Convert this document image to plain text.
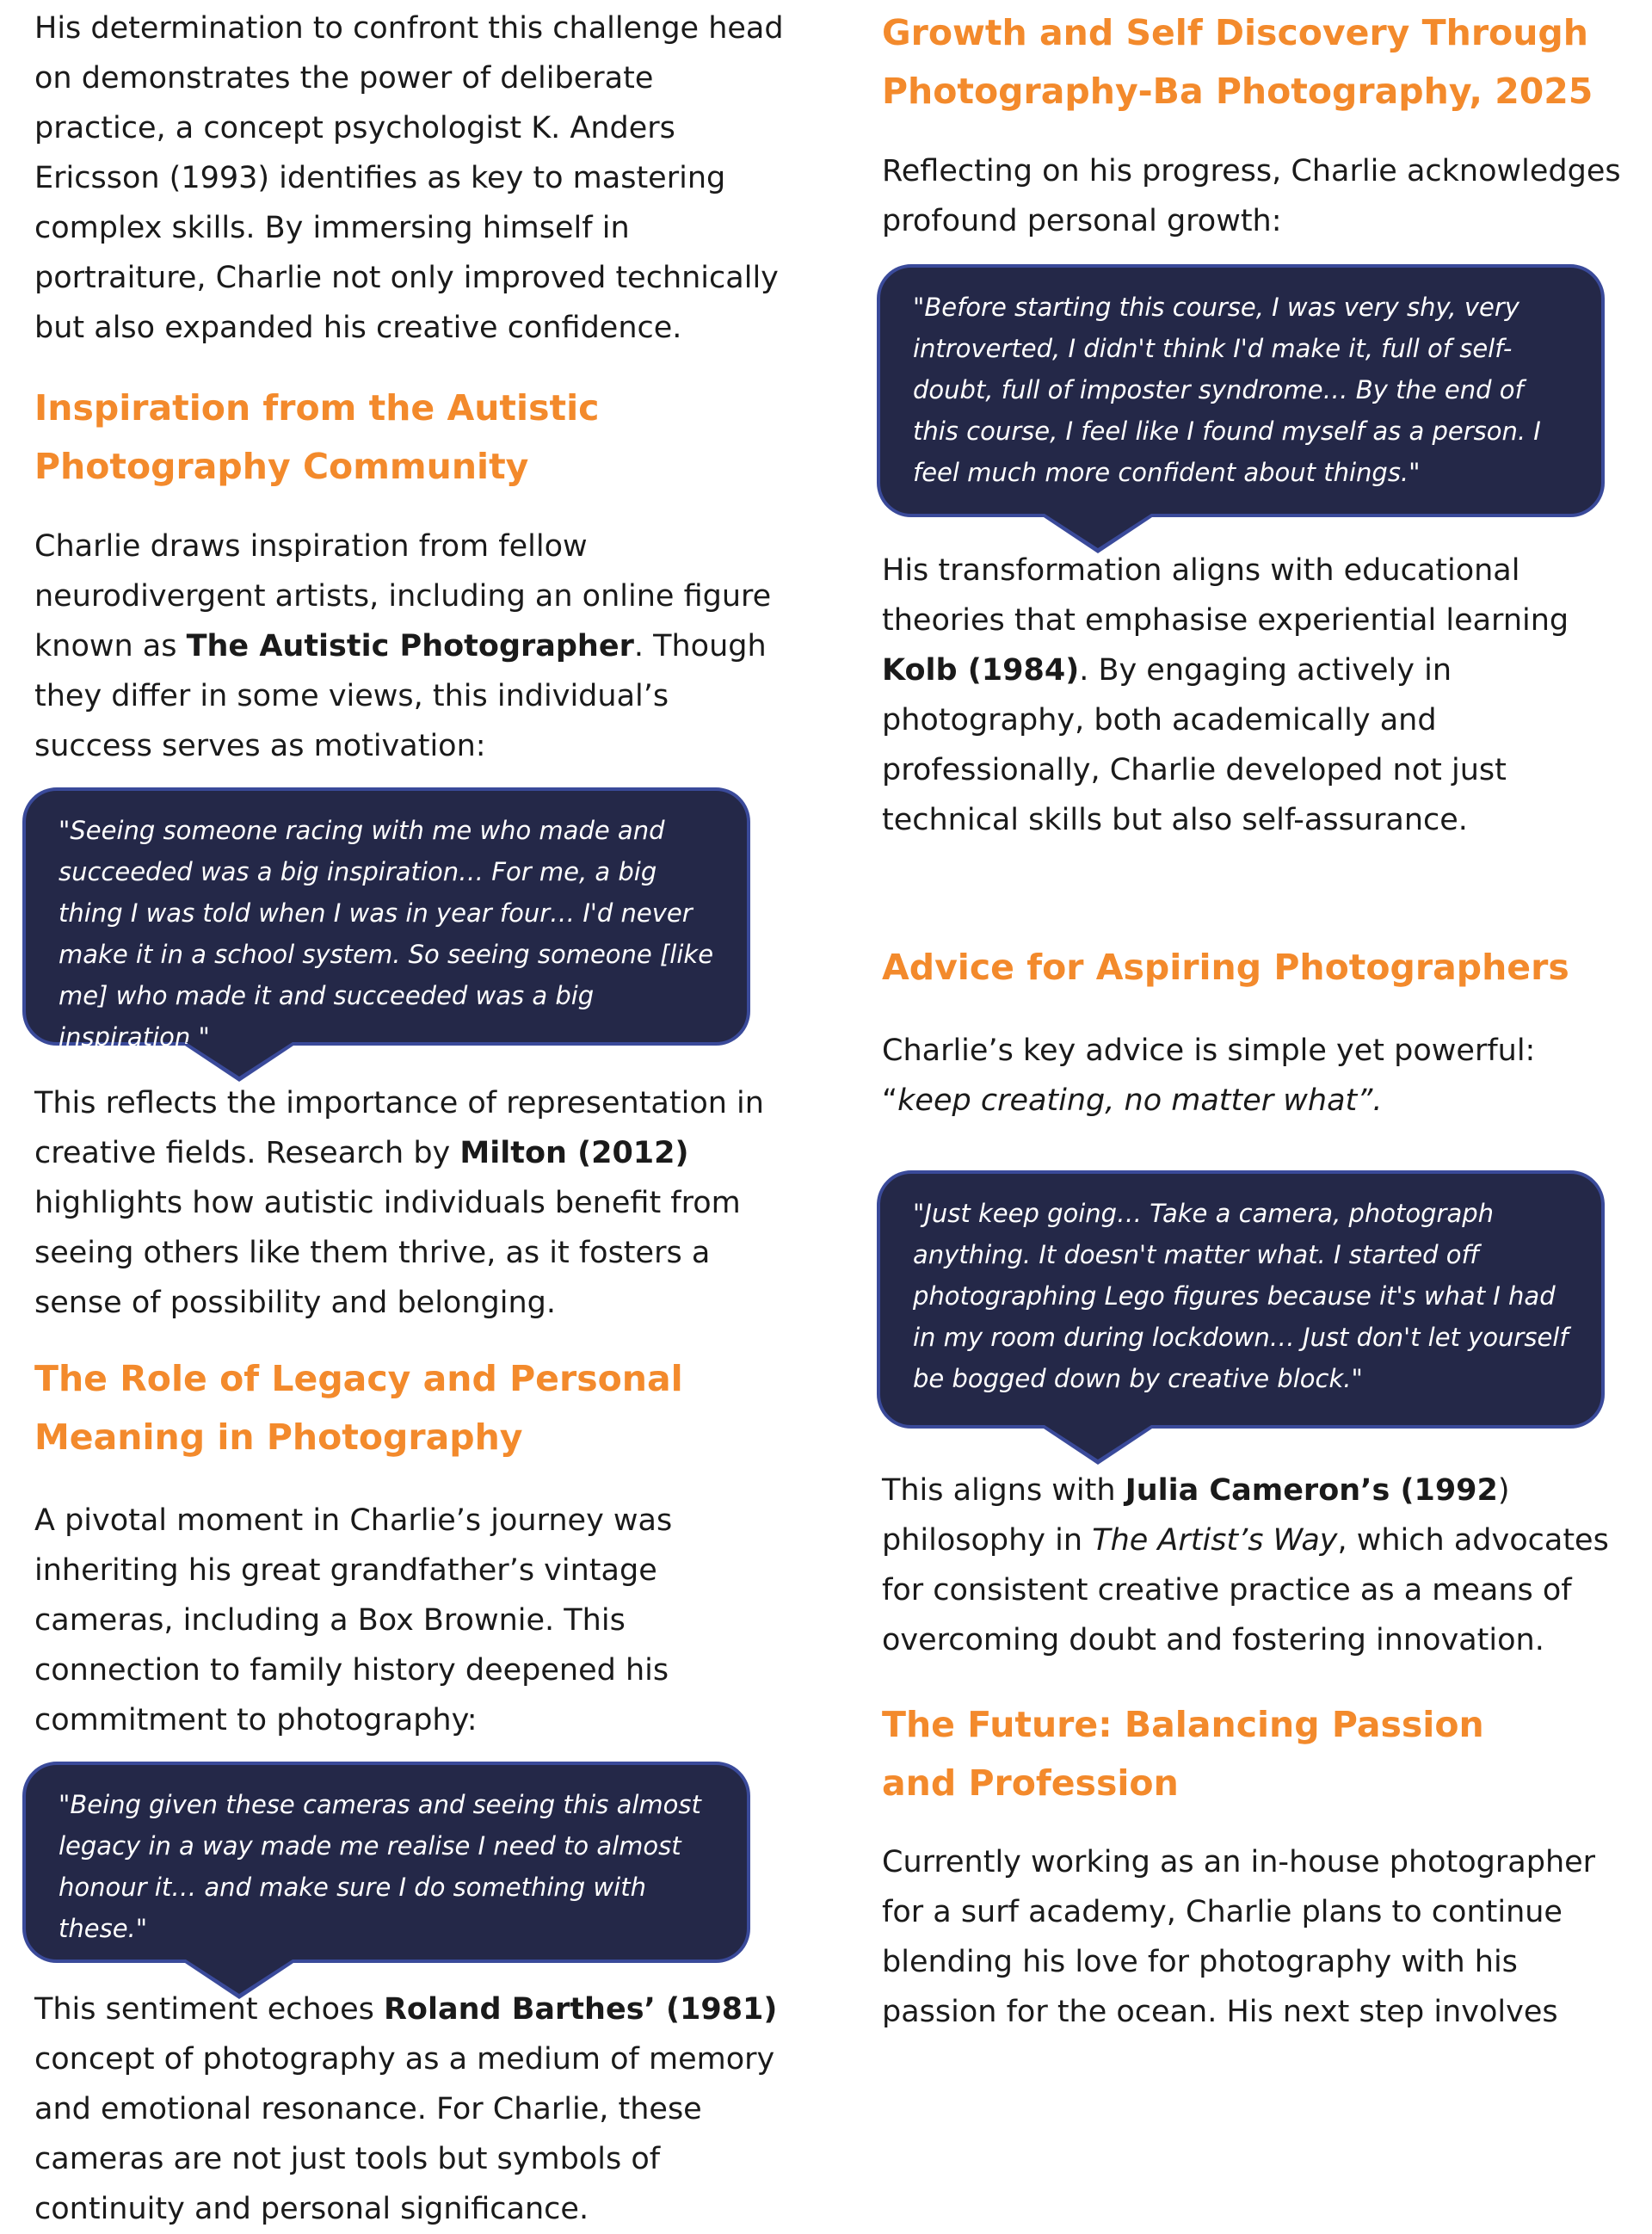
His determination to confront this challenge head on demonstrates the power of deliberate practice, a concept psychologist K. Anders Ericsson (1993) identifies as key to mastering complex skills. By immersing himself in portraiture, Charlie not only improved technically but also expanded his creative confidence.

Inspiration from the Autistic Photography Community

Charlie draws inspiration from fellow neurodivergent artists, including an online figure known as The Autistic Photographer. Though they differ in some views, this individual’s success serves as motivation:

"Seeing someone racing with me who made and succeeded was a big inspiration… For me, a big thing I was told when I was in year four… I'd never make it in a school system. So seeing someone [like me] who made it and succeeded was a big inspiration."

This reflects the importance of representation in creative fields. Research by Milton (2012) highlights how autistic individuals benefit from seeing others like them thrive, as it fosters a sense of possibility and belonging.

The Role of Legacy and Personal Meaning in Photography

A pivotal moment in Charlie’s journey was inheriting his great grandfather’s vintage cameras, including a Box Brownie. This connection to family history deepened his commitment to photography:

"Being given these cameras and seeing this almost legacy in a way made me realise I need to almost honour it… and make sure I do something with these."

This sentiment echoes Roland Barthes’ (1981) concept of photography as a medium of memory and emotional resonance. For Charlie, these cameras are not just tools but symbols of continuity and personal significance.

Growth and Self Discovery Through Photography-Ba Photography, 2025

Reflecting on his progress, Charlie acknowledges profound personal growth:

"Before starting this course, I was very shy, very introverted, I didn't think I'd make it, full of self-doubt, full of imposter syndrome… By the end of this course, I feel like I found myself as a person. I feel much more confident about things."

His transformation aligns with educational theories that emphasise experiential learning Kolb (1984). By engaging actively in photography, both academically and professionally, Charlie developed not just technical skills but also self-assurance.

Advice for Aspiring Photographers

Charlie’s key advice is simple yet powerful: “keep creating, no matter what”.

"Just keep going… Take a camera, photograph anything. It doesn't matter what. I started off photographing Lego figures because it's what I had in my room during lockdown… Just don't let yourself be bogged down by creative block."

This aligns with Julia Cameron’s (1992) philosophy in The Artist’s Way, which advocates for consistent creative practice as a means of overcoming doubt and fostering innovation.

The Future: Balancing Passion and Profession

Currently working as an in-house photographer for a surf academy, Charlie plans to continue blending his love for photography with his passion for the ocean. His next step involves
